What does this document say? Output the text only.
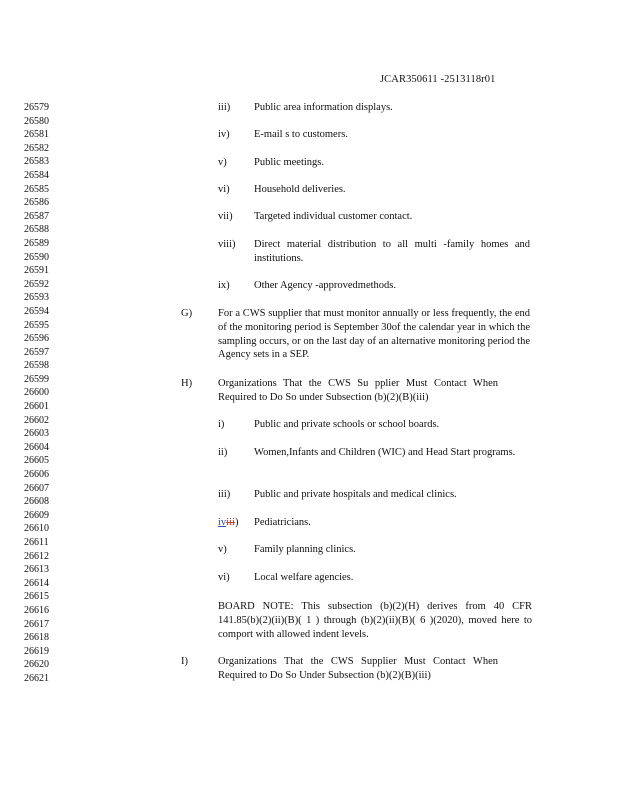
JCAR350611 -2513118r01
26579
26580
26581
26582
26583
26584
26585
26586
26587
26588
26589
26590
26591
26592
26593
26594
26595
26596
26597
26598
26599
26600
26601
26602
26603
26604
26605
26606
26607
26608
26609
26610
26611
26612
26613
26614
26615
26616
26617
26618
26619
26620
26621
iii) Public area information displays.
iv) E-mail s to customers.
v)	Public meetings.
vi) Household deliveries.
vii) Targeted individual customer contact.
viii) Direct material distribution to all multi -family homes and institutions.
ix) Other Agency -approvedmethods.
G) For a CWS supplier that must monitor annually or less frequently, the end of the monitoring period is September 30of the calendar year in which the sampling occurs, or on the last day of an alternative monitoring period the Agency sets in a SEP.
H) Organizations That the CWS Su pplier Must Contact When Required to Do So under Subsection (b)(2)(B)(iii)
i)	Public and private schools or school boards.
ii)	Women,Infants and Children (WIC) and Head Start programs.
iii) Public and private hospitals and medical clinics.
iviii) Pediatricians.
v)	Family planning clinics.
vi) Local welfare agencies.
BOARD NOTE: This subsection (b)(2)(H) derives from 40 CFR 141.85(b)(2)(ii)(B)( 1 ) through (b)(2)(ii)(B)( 6 )(2020), moved here to comport with allowed indent levels.
I)	Organizations That the CWS Supplier Must Contact When Required to Do So Under Subsection (b)(2)(B)(iii)
